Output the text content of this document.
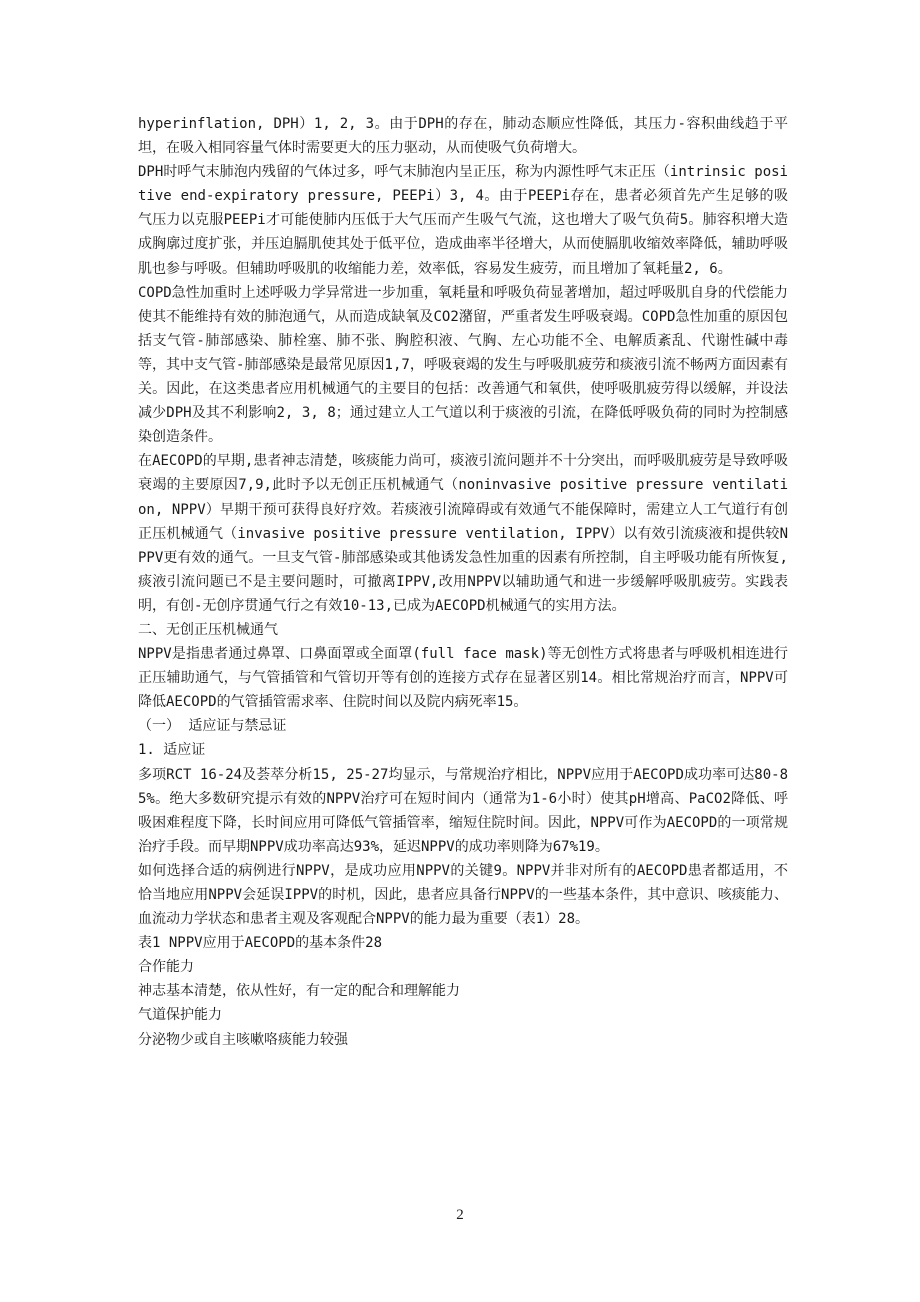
hyperinflation, DPH）1, 2, 3。由于DPH的存在，肺动态顺应性降低，其压力-容积曲线趋于平坦，在吸入相同容量气体时需要更大的压力驱动，从而使吸气负荷增大。

DPH时呼气末肺泡内残留的气体过多，呼气末肺泡内呈正压，称为内源性呼气末正压（intrinsic positive end-expiratory pressure, PEEPi）3, 4。由于PEEPi存在，患者必须首先产生足够的吸气压力以克服PEEPi才可能使肺内压低于大气压而产生吸气气流，这也增大了吸气负荷5。肺容积增大造成胸廓过度扩张，并压迫膈肌使其处于低平位，造成曲率半径增大，从而使膈肌收缩效率降低，辅助呼吸肌也参与呼吸。但辅助呼吸肌的收缩能力差，效率低，容易发生疲劳，而且增加了氧耗量2, 6。

COPD急性加重时上述呼吸力学异常进一步加重，氧耗量和呼吸负荷显著增加，超过呼吸肌自身的代偿能力使其不能维持有效的肺泡通气，从而造成缺氧及CO2潴留，严重者发生呼吸衰竭。COPD急性加重的原因包括支气管-肺部感染、肺栓塞、肺不张、胸腔积液、气胸、左心功能不全、电解质紊乱、代谢性碱中毒等，其中支气管-肺部感染是最常见原因1,7，呼吸衰竭的发生与呼吸肌疲劳和痰液引流不畅两方面因素有关。因此，在这类患者应用机械通气的主要目的包括：改善通气和氧供，使呼吸肌疲劳得以缓解，并设法减少DPH及其不利影响2, 3, 8；通过建立人工气道以利于痰液的引流，在降低呼吸负荷的同时为控制感染创造条件。

在AECOPD的早期,患者神志清楚，咳痰能力尚可，痰液引流问题并不十分突出，而呼吸肌疲劳是导致呼吸衰竭的主要原因7,9,此时予以无创正压机械通气（noninvasive positive pressure ventilation, NPPV）早期干预可获得良好疗效。若痰液引流障碍或有效通气不能保障时，需建立人工气道行有创正压机械通气（invasive positive pressure ventilation, IPPV）以有效引流痰液和提供较NPPV更有效的通气。一旦支气管-肺部感染或其他诱发急性加重的因素有所控制，自主呼吸功能有所恢复,痰液引流问题已不是主要问题时，可撤离IPPV,改用NPPV以辅助通气和进一步缓解呼吸肌疲劳。实践表明，有创-无创序贯通气行之有效10-13,已成为AECOPD机械通气的实用方法。

二、无创正压机械通气

NPPV是指患者通过鼻罩、口鼻面罩或全面罩(full face mask)等无创性方式将患者与呼吸机相连进行正压辅助通气，与气管插管和气管切开等有创的连接方式存在显著区别14。相比常规治疗而言，NPPV可降低AECOPD的气管插管需求率、住院时间以及院内病死率15。

（一） 适应证与禁忌证

1. 适应证

多项RCT 16-24及荟萃分析15, 25-27均显示，与常规治疗相比，NPPV应用于AECOPD成功率可达80-85%。绝大多数研究提示有效的NPPV治疗可在短时间内（通常为1-6小时）使其pH增高、PaCO2降低、呼吸困难程度下降，长时间应用可降低气管插管率，缩短住院时间。因此，NPPV可作为AECOPD的一项常规治疗手段。而早期NPPV成功率高达93%，延迟NPPV的成功率则降为67%19。

如何选择合适的病例进行NPPV，是成功应用NPPV的关键9。NPPV并非对所有的AECOPD患者都适用，不恰当地应用NPPV会延误IPPV的时机，因此，患者应具备行NPPV的一些基本条件，其中意识、咳痰能力、血流动力学状态和患者主观及客观配合NPPV的能力最为重要（表1）28。

表1 NPPV应用于AECOPD的基本条件28

合作能力

神志基本清楚，依从性好，有一定的配合和理解能力

气道保护能力

分泌物少或自主咳嗽咯痰能力较强

2
